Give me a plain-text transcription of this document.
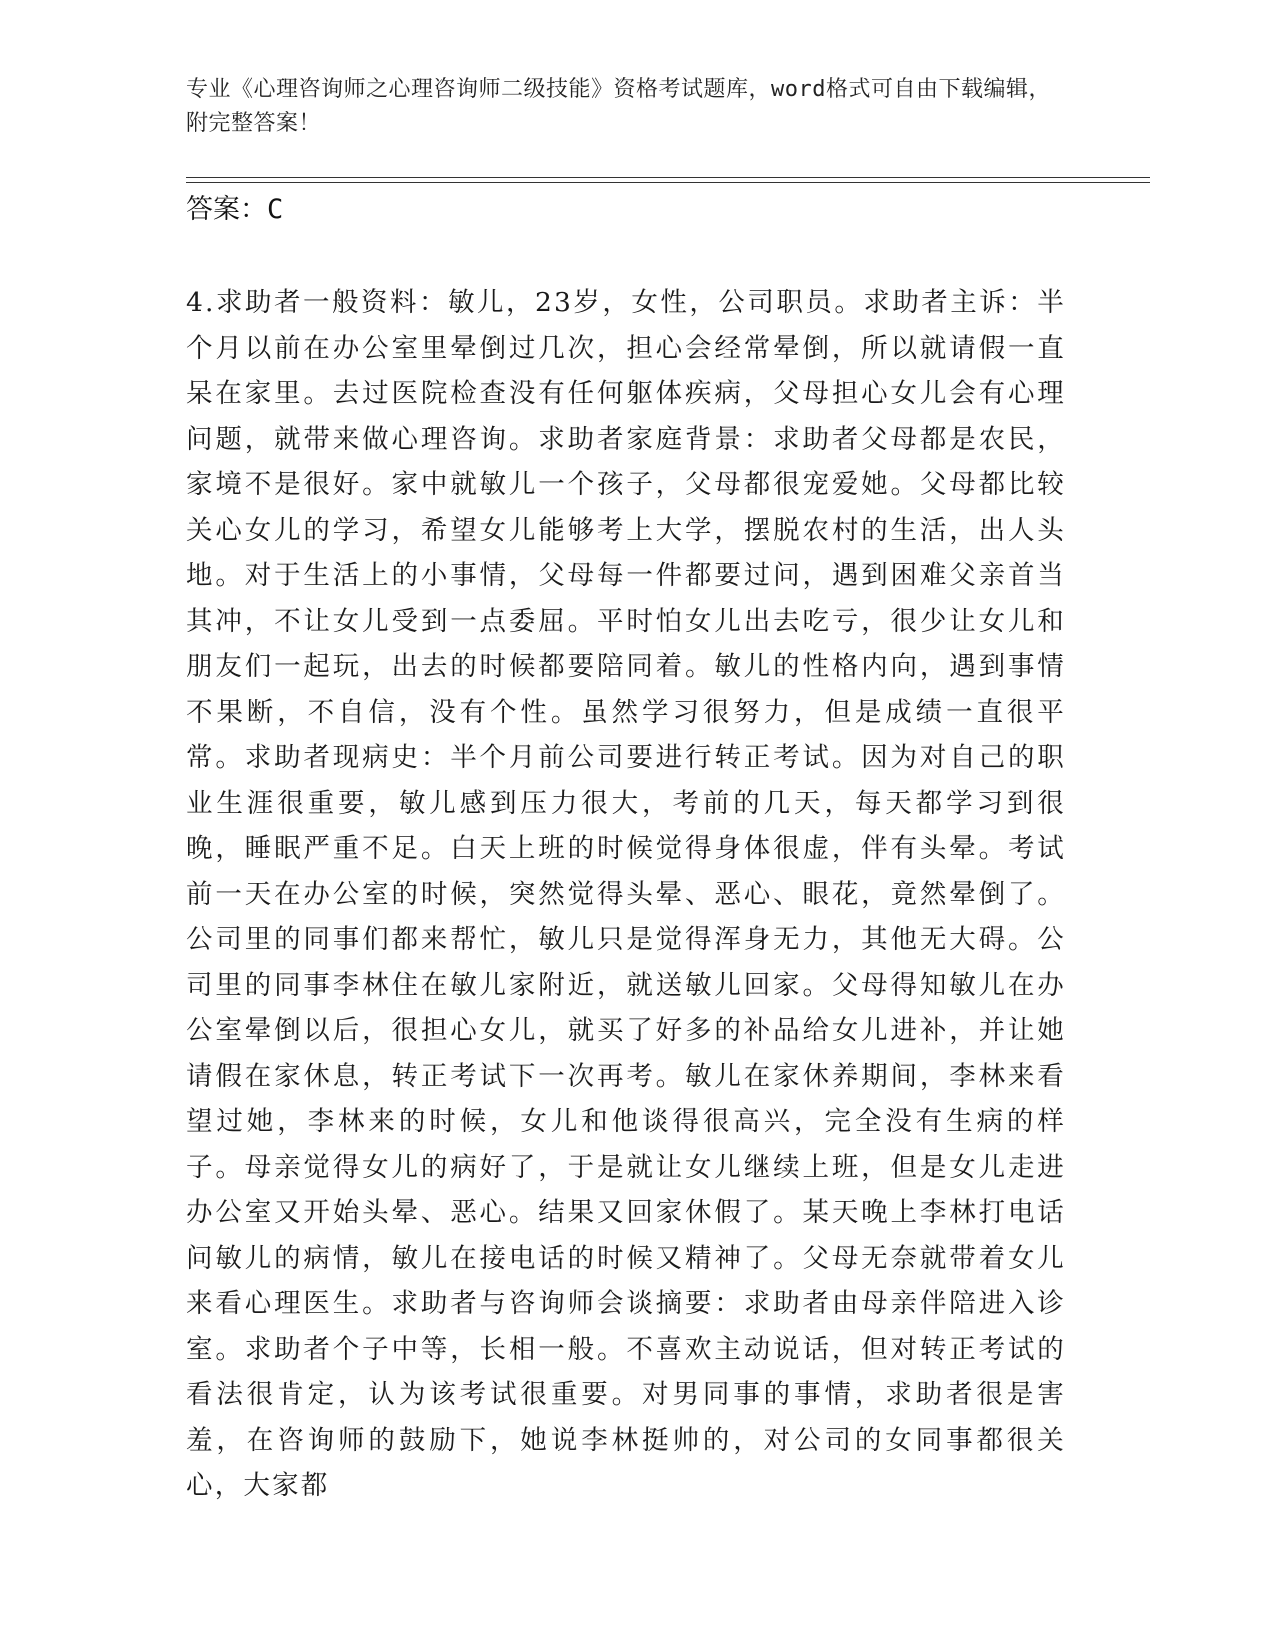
专业《心理咨询师之心理咨询师二级技能》资格考试题库，word格式可自由下载编辑，附完整答案！
答案：C

4.求助者一般资料：敏儿，23岁，女性，公司职员。求助者主诉：半个月以前在办公室里晕倒过几次，担心会经常晕倒，所以就请假一直呆在家里。去过医院检查没有任何躯体疾病，父母担心女儿会有心理问题，就带来做心理咨询。求助者家庭背景：求助者父母都是农民，家境不是很好。家中就敏儿一个孩子，父母都很宠爱她。父母都比较关心女儿的学习，希望女儿能够考上大学，摆脱农村的生活，出人头地。对于生活上的小事情，父母每一件都要过问，遇到困难父亲首当其冲，不让女儿受到一点委屈。平时怕女儿出去吃亏，很少让女儿和朋友们一起玩，出去的时候都要陪同着。敏儿的性格内向，遇到事情不果断，不自信，没有个性。虽然学习很努力，但是成绩一直很平常。求助者现病史：半个月前公司要进行转正考试。因为对自己的职业生涯很重要，敏儿感到压力很大，考前的几天，每天都学习到很晚，睡眠严重不足。白天上班的时候觉得身体很虚，伴有头晕。考试前一天在办公室的时候，突然觉得头晕、恶心、眼花，竟然晕倒了。公司里的同事们都来帮忙，敏儿只是觉得浑身无力，其他无大碍。公司里的同事李林住在敏儿家附近，就送敏儿回家。父母得知敏儿在办公室晕倒以后，很担心女儿，就买了好多的补品给女儿进补，并让她请假在家休息，转正考试下一次再考。敏儿在家休养期间，李林来看望过她，李林来的时候，女儿和他谈得很高兴，完全没有生病的样子。母亲觉得女儿的病好了，于是就让女儿继续上班，但是女儿走进办公室又开始头晕、恶心。结果又回家休假了。某天晚上李林打电话问敏儿的病情，敏儿在接电话的时候又精神了。父母无奈就带着女儿来看心理医生。求助者与咨询师会谈摘要：求助者由母亲伴陪进入诊室。求助者个子中等，长相一般。不喜欢主动说话，但对转正考试的看法很肯定，认为该考试很重要。对男同事的事情，求助者很是害羞，在咨询师的鼓励下，她说李林挺帅的，对公司的女同事都很关心，大家都
